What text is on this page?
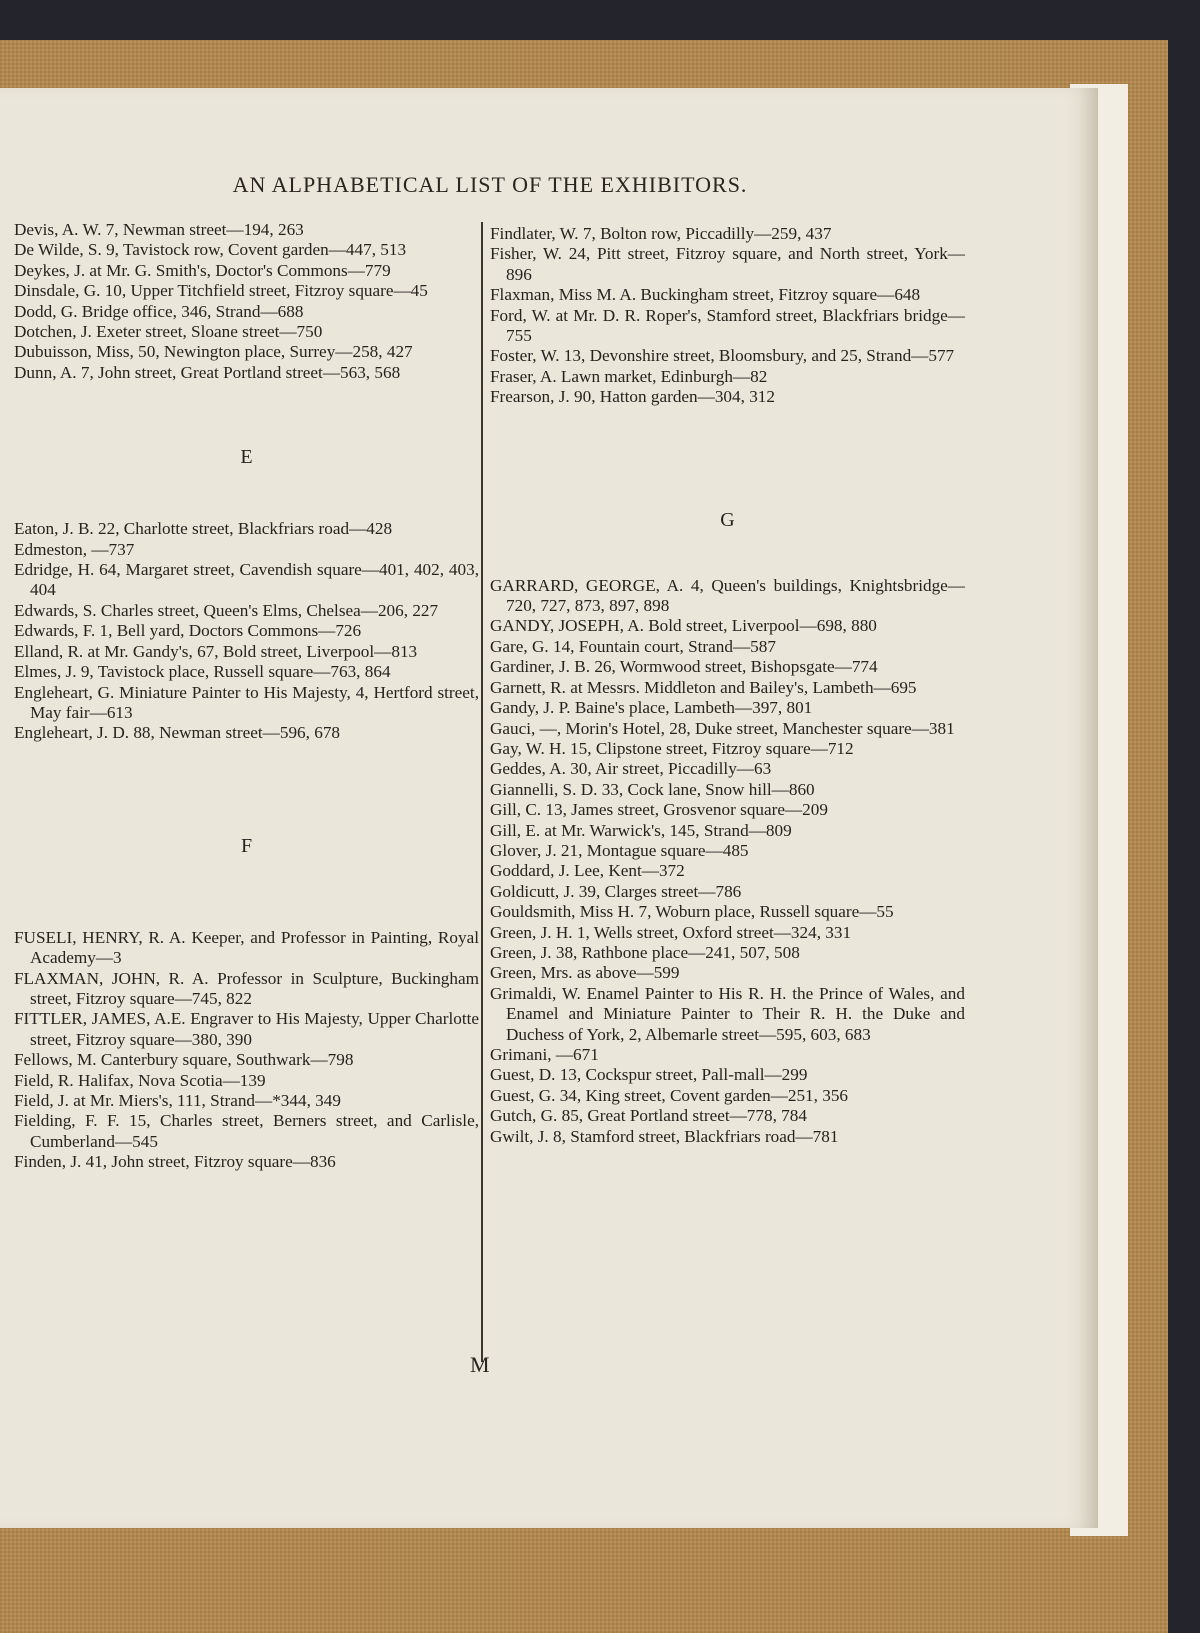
AN ALPHABETICAL LIST OF THE EXHIBITORS.

Devis, A. W. 7, Newman street—194, 263

De Wilde, S. 9, Tavistock row, Covent garden—447, 513

Deykes, J. at Mr. G. Smith's, Doctor's Commons—779

Dinsdale, G. 10, Upper Titchfield street, Fitzroy square—45

Dodd, G. Bridge office, 346, Strand—688

Dotchen, J. Exeter street, Sloane street—750

Dubuisson, Miss, 50, Newington place, Surrey—258, 427

Dunn, A. 7, John street, Great Portland street—563, 568

E

Eaton, J. B. 22, Charlotte street, Blackfriars road—428

Edmeston, —737

Edridge, H. 64, Margaret street, Cavendish square—401, 402, 403, 404

Edwards, S. Charles street, Queen's Elms, Chelsea—206, 227

Edwards, F. 1, Bell yard, Doctors Commons—726

Elland, R. at Mr. Gandy's, 67, Bold street, Liverpool—813

Elmes, J. 9, Tavistock place, Russell square—763, 864

Engleheart, G. Miniature Painter to His Majesty, 4, Hertford street, May fair—613

Engleheart, J. D. 88, Newman street—596, 678

F

FUSELI, HENRY, R. A. Keeper, and Professor in Painting, Royal Academy—3

FLAXMAN, JOHN, R. A. Professor in Sculpture, Buckingham street, Fitzroy square—745, 822

FITTLER, JAMES, A.E. Engraver to His Majesty, Upper Charlotte street, Fitzroy square—380, 390

Fellows, M. Canterbury square, Southwark—798

Field, R. Halifax, Nova Scotia—139

Field, J. at Mr. Miers's, 111, Strand—*344, 349

Fielding, F. F. 15, Charles street, Berners street, and Carlisle, Cumberland—545

Finden, J. 41, John street, Fitzroy square—836

Findlater, W. 7, Bolton row, Piccadilly—259, 437

Fisher, W. 24, Pitt street, Fitzroy square, and North street, York—896

Flaxman, Miss M. A. Buckingham street, Fitzroy square—648

Ford, W. at Mr. D. R. Roper's, Stamford street, Blackfriars bridge—755

Foster, W. 13, Devonshire street, Bloomsbury, and 25, Strand—577

Fraser, A. Lawn market, Edinburgh—82

Frearson, J. 90, Hatton garden—304, 312

G

GARRARD, GEORGE, A. 4, Queen's buildings, Knightsbridge—720, 727, 873, 897, 898

GANDY, JOSEPH, A. Bold street, Liverpool—698, 880

Gare, G. 14, Fountain court, Strand—587

Gardiner, J. B. 26, Wormwood street, Bishopsgate—774

Garnett, R. at Messrs. Middleton and Bailey's, Lambeth—695

Gandy, J. P. Baine's place, Lambeth—397, 801

Gauci, —, Morin's Hotel, 28, Duke street, Manchester square—381

Gay, W. H. 15, Clipstone street, Fitzroy square—712

Geddes, A. 30, Air street, Piccadilly—63

Giannelli, S. D. 33, Cock lane, Snow hill—860

Gill, C. 13, James street, Grosvenor square—209

Gill, E. at Mr. Warwick's, 145, Strand—809

Glover, J. 21, Montague square—485

Goddard, J. Lee, Kent—372

Goldicutt, J. 39, Clarges street—786

Gouldsmith, Miss H. 7, Woburn place, Russell square—55

Green, J. H. 1, Wells street, Oxford street—324, 331

Green, J. 38, Rathbone place—241, 507, 508

Green, Mrs. as above—599

Grimaldi, W. Enamel Painter to His R. H. the Prince of Wales, and Enamel and Miniature Painter to Their R. H. the Duke and Duchess of York, 2, Albemarle street—595, 603, 683

Grimani, —671

Guest, D. 13, Cockspur street, Pall-mall—299

Guest, G. 34, King street, Covent garden—251, 356

Gutch, G. 85, Great Portland street—778, 784

Gwilt, J. 8, Stamford street, Blackfriars road—781

M
